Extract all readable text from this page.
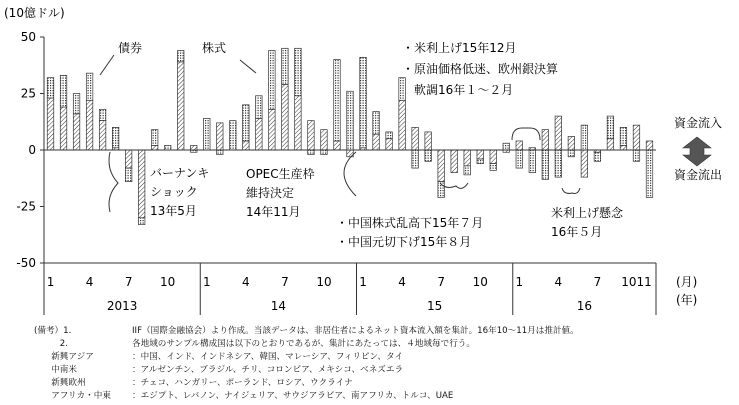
(10億ドル)
50
25
0
-25
-50
1	4	7 10 1	4	7 10 1	4	7 10 1	4	7 1011
2013	14	15	16
(月)
(年)
債券	株式
バーナンキ
ショック
13年5月
OPEC生産枠
維持決定
14年11月
・中国株式乱高下15年７月
・中国元切下げ15年８月
・米利上げ15年12月
・原油価格低迷、欧州銀決算
　軟調16年１～２月
米利上げ懸念
16年５月
資金流入
資金流出
(備考）1.	IIF（国際金融協会）より作成。当該データは、非居住者によるネット資本流入額を集計。16年10～11月は推計値。
　　　2.	各地域のサンプル構成国は以下のとおりであるが、集計にあたっては、４地域毎で行う。
　　新興アジア	：中国、インド、インドネシア、韓国、マレーシア、フィリピン、タイ
　　中南米	：アルゼンチン、ブラジル、チリ、コロンビア、メキシコ、ベネズエラ
　　新興欧州	：チェコ、ハンガリー、ポーランド、ロシア、ウクライナ
　　アフリカ・中東 ：エジプト、レバノン、ナイジェリア、サウジアラビア、南アフリカ、トルコ、UAE
